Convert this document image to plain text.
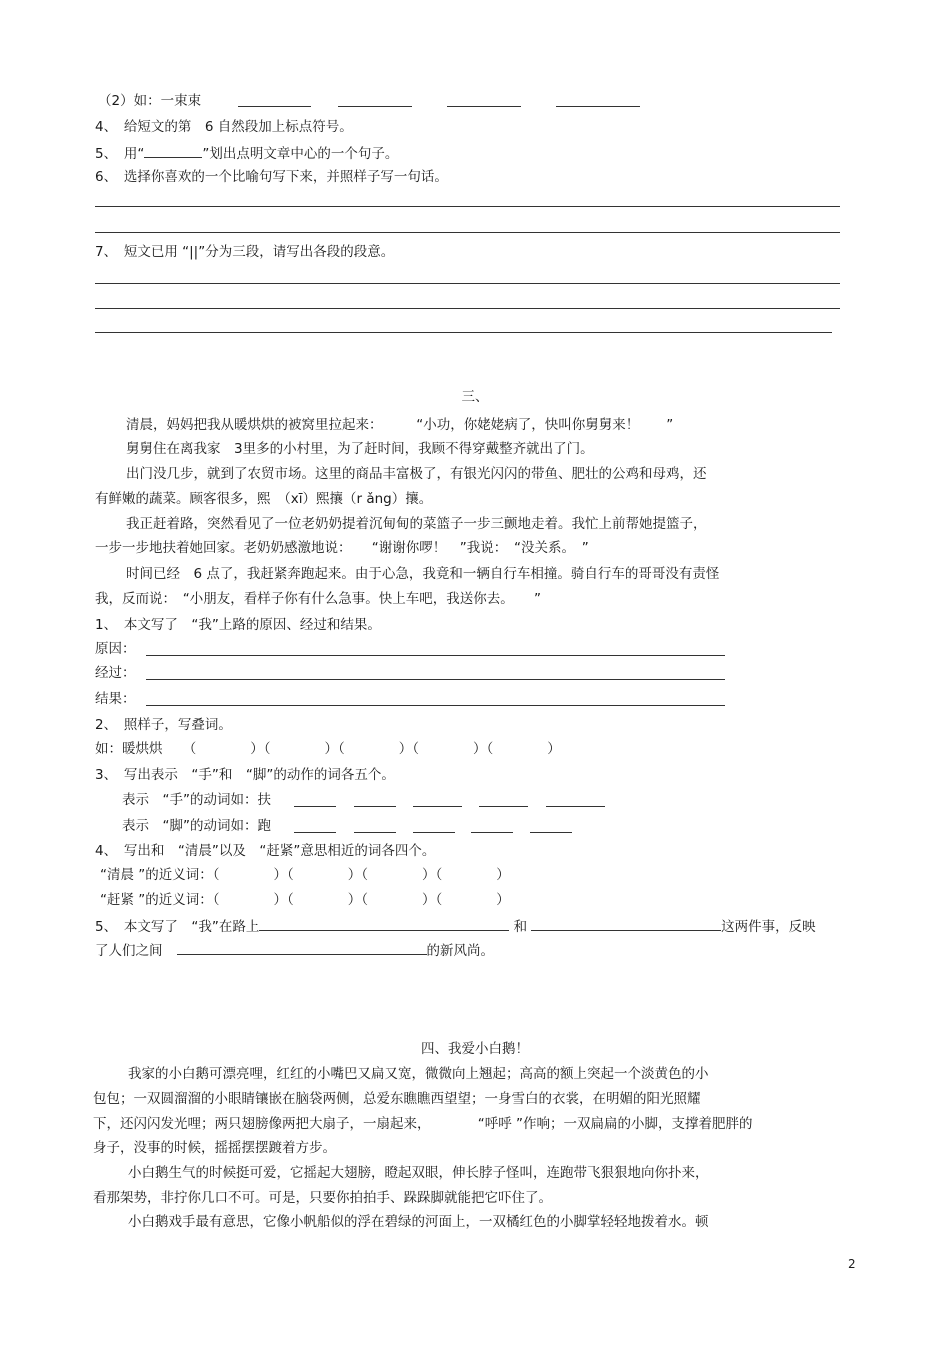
（2）如：一束束
4、　给短文的第　6 自然段加上标点符号。
5、　用“	”划出点明文章中心的一个句子。
6、　选择你喜欢的一个比喻句写下来，并照样子写一句话。
7、　短文已用 “||”分为三段，请写出各段的段意。
三、
清晨，妈妈把我从暖烘烘的被窝里拉起来：　　　“小功，你姥姥病了，快叫你舅舅来！　　”
舅舅住在离我家　3里多的小村里，为了赶时间，我顾不得穿戴整齐就出了门。
出门没几步，就到了农贸市场。这里的商品丰富极了，有银光闪闪的带鱼、肥壮的公鸡和母鸡，还
有鲜嫩的蔬菜。顾客很多，熙　（xī）熙攘（r ǎng）攘。
我正赶着路，突然看见了一位老奶奶提着沉甸甸的菜篮子一步三颤地走着。我忙上前帮她提篮子，
一步一步地扶着她回家。老奶奶感激地说：　　“谢谢你啰！　”我说：　“没关系。　”
时间已经　6 点了，我赶紧奔跑起来。由于心急，我竟和一辆自行车相撞。骑自行车的哥哥没有责怪
我，反而说：　“小朋友，看样子你有什么急事。快上车吧，我送你去。　　”
1、　本文写了　“我”上路的原因、经过和结果。
原因：
经过：
结果：
2、　照样子，写叠词。
如：暖烘烘　　（　　　　）（　　　　）（　　　　）（　　　　）（　　　　）
3、　写出表示　“手”和　“脚”的动作的词各五个。
表示　“手”的动词如：扶
表示　“脚”的动词如：跑
4、　写出和　“清晨”以及　“赶紧”意思相近的词各四个。
“清晨 ”的近义词：（　　　　）（　　　　）（　　　　）（　　　　）
“赶紧 ”的近义词：（　　　　）（　　　　）（　　　　）（　　　　）
5、　本文写了　“我”在路上	和	这两件事，反映
了人们之间	的新风尚。
四、我爱小白鹅！
我家的小白鹅可漂亮哩，红红的小嘴巴又扁又宽，微微向上翘起；高高的额上突起一个淡黄色的小
包包；一双圆溜溜的小眼睛镶嵌在脑袋两侧，总爱东瞧瞧西望望；一身雪白的衣裳，在明媚的阳光照耀
下，还闪闪发光哩；两只翅膀像两把大扇子，一扇起来，　　　　“呼呼 ”作响；一双扁扁的小脚，支撑着肥胖的
身子，没事的时候，摇摇摆摆踱着方步。
小白鹅生气的时候挺可爱，它摇起大翅膀，瞪起双眼，伸长脖子怪叫，连跑带飞狠狠地向你扑来，
看那架势，非拧你几口不可。可是，只要你拍拍手、跺跺脚就能把它吓住了。
小白鹅戏手最有意思，它像小帆船似的浮在碧绿的河面上，一双橘红色的小脚掌轻轻地拨着水。顿
2
